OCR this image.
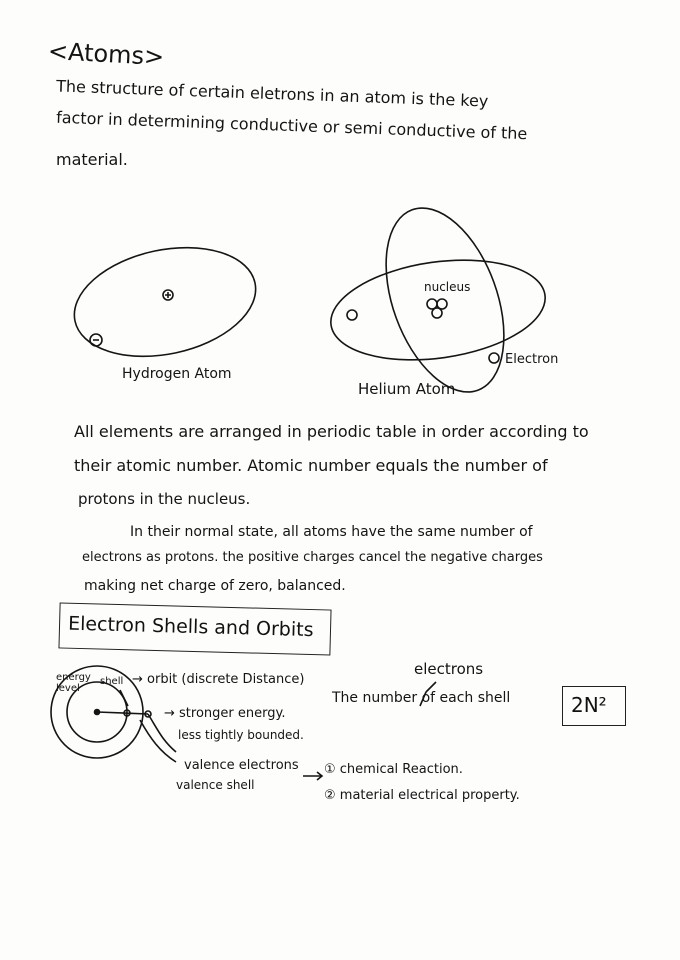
<Atoms>
The structure of certain eletrons in an atom is the key
factor in determining conductive or semi conductive of the
material.
Hydrogen Atom
Helium Atom
nucleus
Electron
All elements are arranged in periodic table in order according to
their atomic number. Atomic number equals the number of
protons in the nucleus.
In their normal state, all atoms have the same number of
electrons as protons. the positive charges cancel the negative charges
making net charge of zero, balanced.
Electron Shells and Orbits
energy level
shell → orbit (discrete Distance)
→ stronger energy.
less tightly bounded.
valence electrons
valence shell
① chemical Reaction.
② material electrical property.
electrons
The number of each shell	2N²
